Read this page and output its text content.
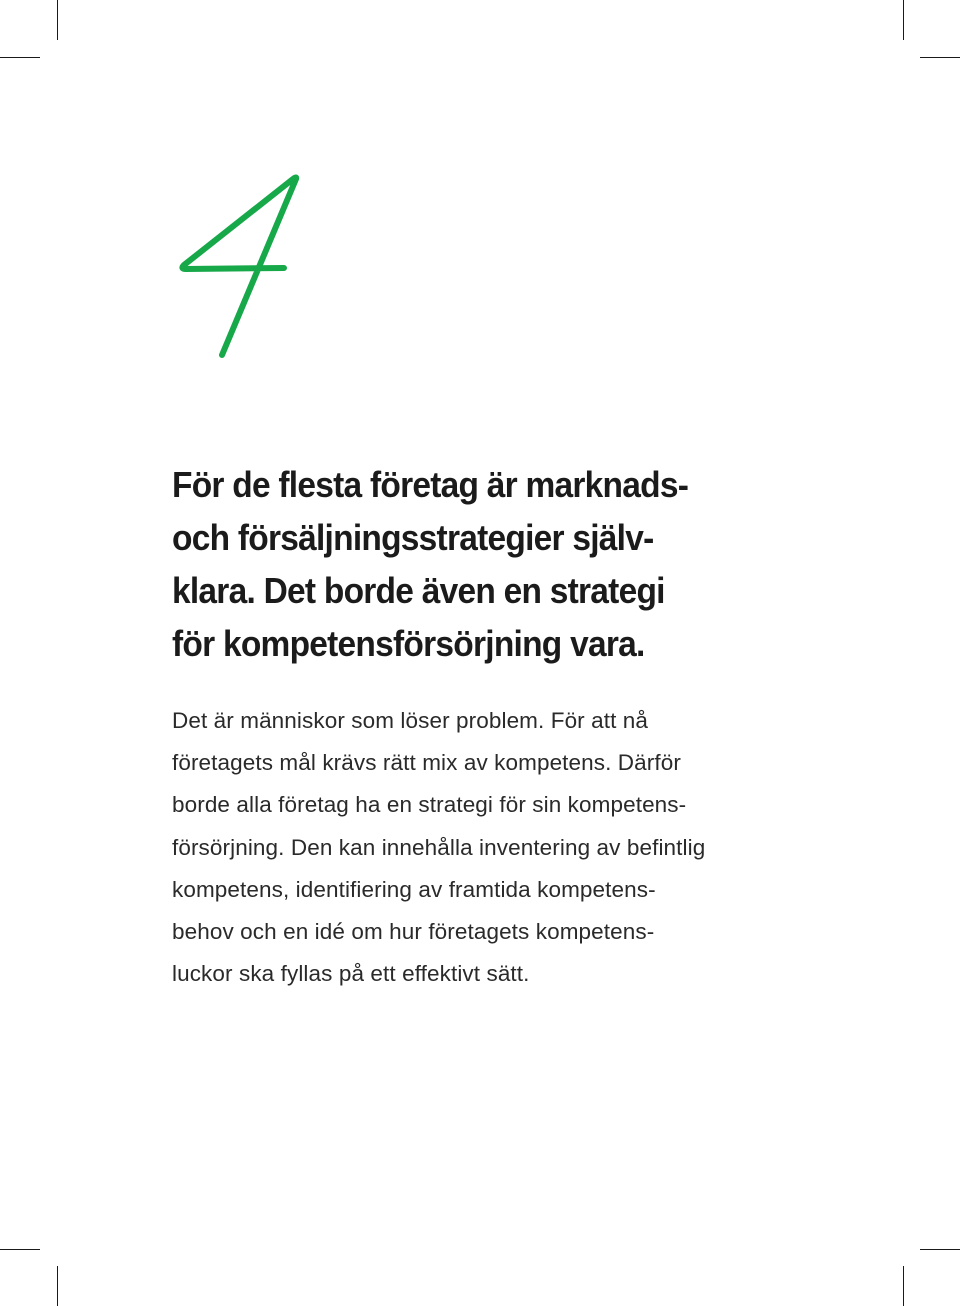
För de flesta företag är marknads-
och försäljningsstrategier själv-
klara. Det borde även en strategi
för kompetensförsörjning vara.
Det är människor som löser problem. För att nå
företagets mål krävs rätt mix av kompetens. Därför
borde alla företag ha en strategi för sin kompetens-
försörjning. Den kan innehålla inventering av befintlig
kompetens, identifiering av framtida kompetens-
behov och en idé om hur företagets kompetens-
luckor ska fyllas på ett effektivt sätt.
